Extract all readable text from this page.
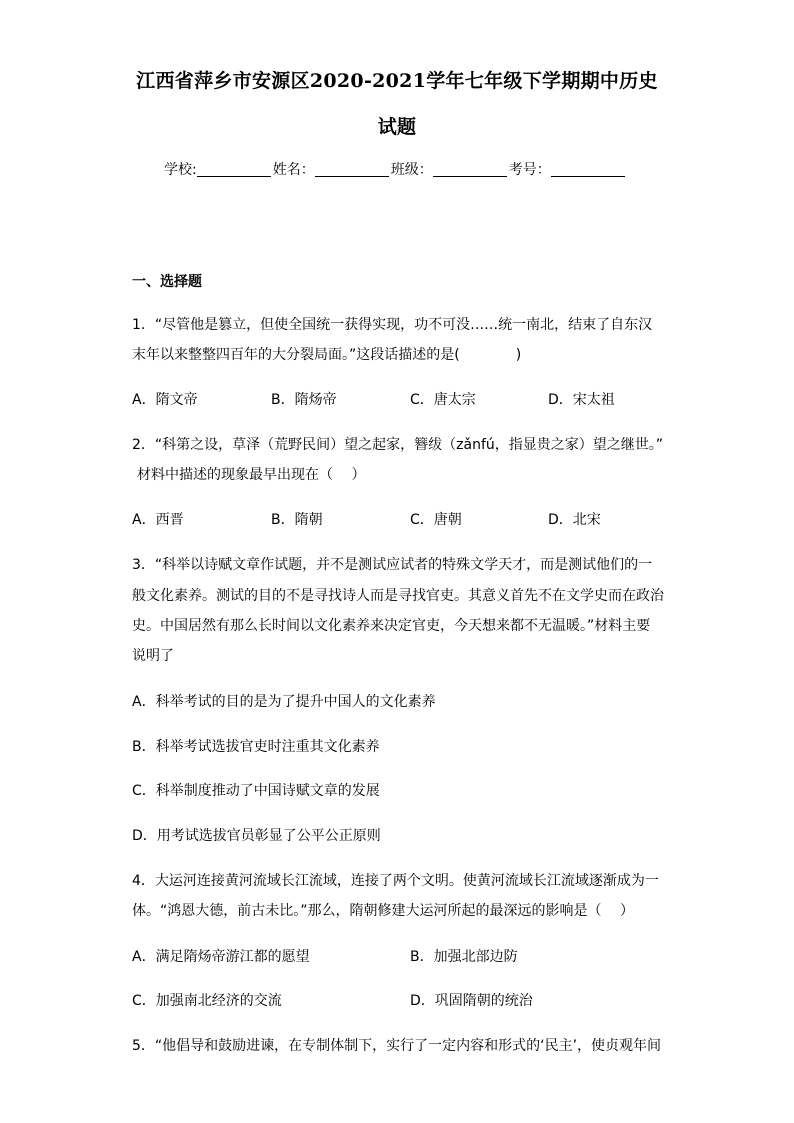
江西省萍乡市安源区2020-2021学年七年级下学期期中历史
试题
学校:	姓名：	班级：	考号：
一、选择题
1．“尽管他是篡立，但使全国统一获得实现，功不可没……统一南北，结束了自东汉
末年以来整整四百年的大分裂局面。”这段话描述的是(　　　　)
A．隋文帝	B．隋炀帝	C．唐太宗	D．宋太祖
2．“科第之设，草泽（荒野民间）望之起家，簪绂（zǎnfú，指显贵之家）望之继世。”
材料中描述的现象最早出现在（　 ）
A．西晋	B．隋朝	C．唐朝	D．北宋
3．“科举以诗赋文章作试题，并不是测试应试者的特殊文学天才，而是测试他们的一
般文化素养。测试的目的不是寻找诗人而是寻找官吏。其意义首先不在文学史而在政治
史。中国居然有那么长时间以文化素养来决定官吏，今天想来都不无温暖。”材料主要
说明了
A．科举考试的目的是为了提升中国人的文化素养
B．科举考试选拔官吏时注重其文化素养
C．科举制度推动了中国诗赋文章的发展
D．用考试选拔官员彰显了公平公正原则
4．大运河连接黄河流域长江流域，连接了两个文明。使黄河流域长江流域逐渐成为一
体。“鸿恩大德，前古未比。”那么，隋朝修建大运河所起的最深远的影响是（　 ）
A．满足隋炀帝游江都的愿望	B．加强北部边防
C．加强南北经济的交流	D．巩固隋朝的统治
5．“他倡导和鼓励进谏，在专制体制下，实行了一定内容和形式的‘民主’，使贞观年间
